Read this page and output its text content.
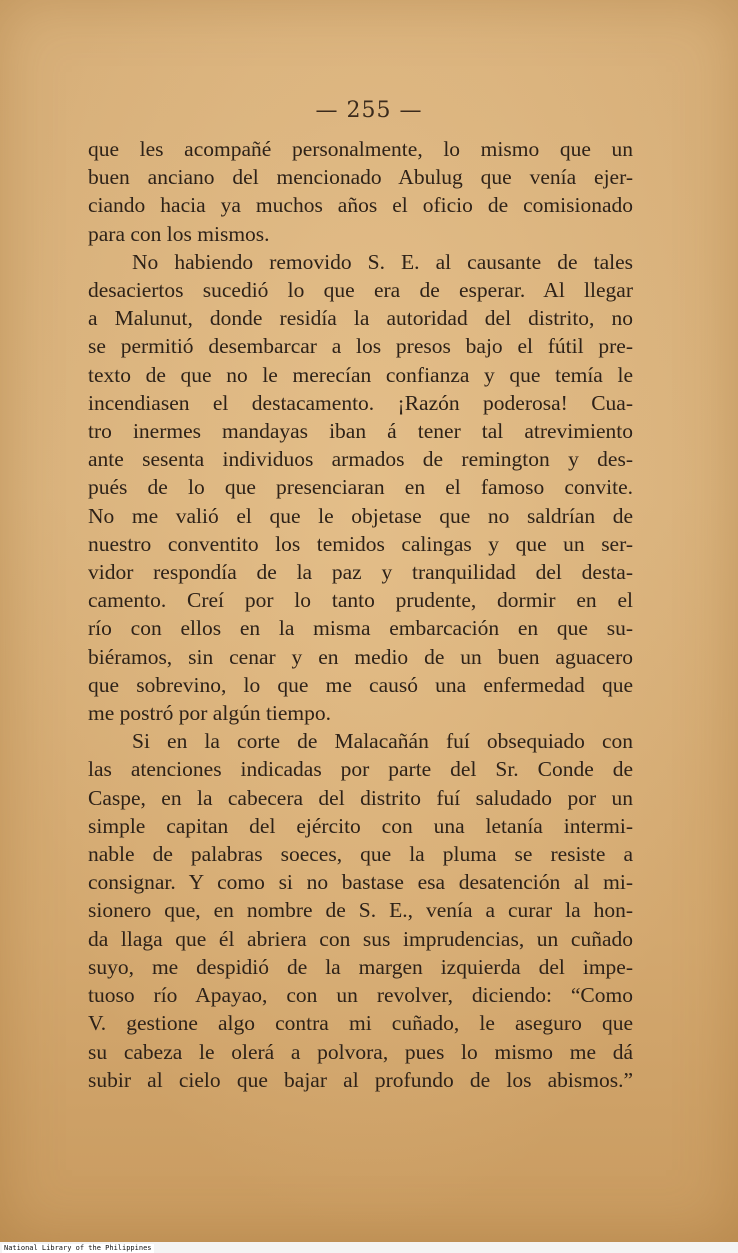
— 255 —
que les acompañé personalmente, lo mismo que un
buen anciano del mencionado Abulug que venía ejer-
ciando hacia ya muchos años el oficio de comisionado
para con los mismos.
No habiendo removido S. E. al causante de tales
desaciertos sucedió lo que era de esperar. Al llegar
a Malunut, donde residía la autoridad del distrito, no
se permitió desembarcar a los presos bajo el fútil pre-
texto de que no le merecían confianza y que temía le
incendiasen el destacamento. ¡Razón poderosa! Cua-
tro inermes mandayas iban á tener tal atrevimiento
ante sesenta individuos armados de remington y des-
pués de lo que presenciaran en el famoso convite.
No me valió el que le objetase que no saldrían de
nuestro conventito los temidos calingas y que un ser-
vidor respondía de la paz y tranquilidad del desta-
camento. Creí por lo tanto prudente, dormir en el
río con ellos en la misma embarcación en que su-
biéramos, sin cenar y en medio de un buen aguacero
que sobrevino, lo que me causó una enfermedad que
me postró por algún tiempo.
Si en la corte de Malacañán fuí obsequiado con
las atenciones indicadas por parte del Sr. Conde de
Caspe, en la cabecera del distrito fuí saludado por un
simple capitan del ejército con una letanía intermi-
nable de palabras soeces, que la pluma se resiste a
consignar. Y como si no bastase esa desatención al mi-
sionero que, en nombre de S. E., venía a curar la hon-
da llaga que él abriera con sus imprudencias, un cuñado
suyo, me despidió de la margen izquierda del impe-
tuoso río Apayao, con un revolver, diciendo: “Como
V. gestione algo contra mi cuñado, le aseguro que
su cabeza le olerá a polvora, pues lo mismo me dá
subir al cielo que bajar al profundo de los abismos.”
National Library of the Philippines
